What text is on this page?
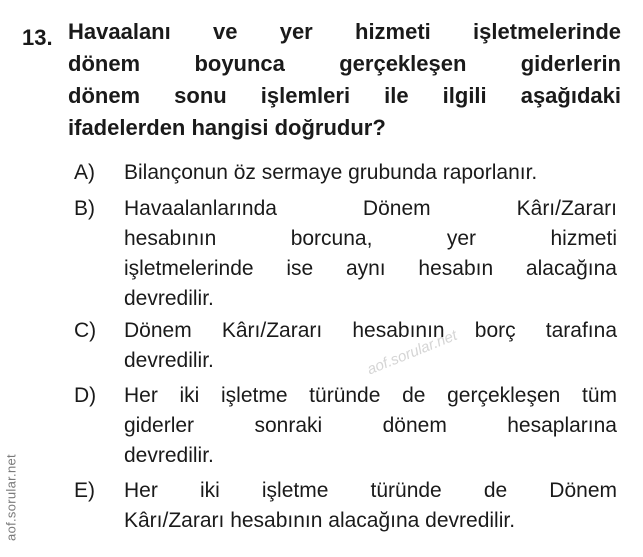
13. Havaalanı ve yer hizmeti işletmelerinde
dönem boyunca gerçekleşen giderlerin
dönem sonu işlemleri ile ilgili aşağıdaki
ifadelerden hangisi doğrudur?
A) Bilançonun öz sermaye grubunda raporlanır.
B) Havaalanlarında Dönem Kârı/Zararı
hesabının borcuna, yer hizmeti
işletmelerinde ise aynı hesabın alacağına
devredilir.
C) Dönem Kârı/Zararı hesabının borç tarafına
devredilir.
D) Her iki işletme türünde de gerçekleşen tüm
giderler sonraki dönem hesaplarına
devredilir.
E) Her iki işletme türünde de Dönem
Kârı/Zararı hesabının alacağına devredilir.
aof.sorular.net
aof.sorular.net
